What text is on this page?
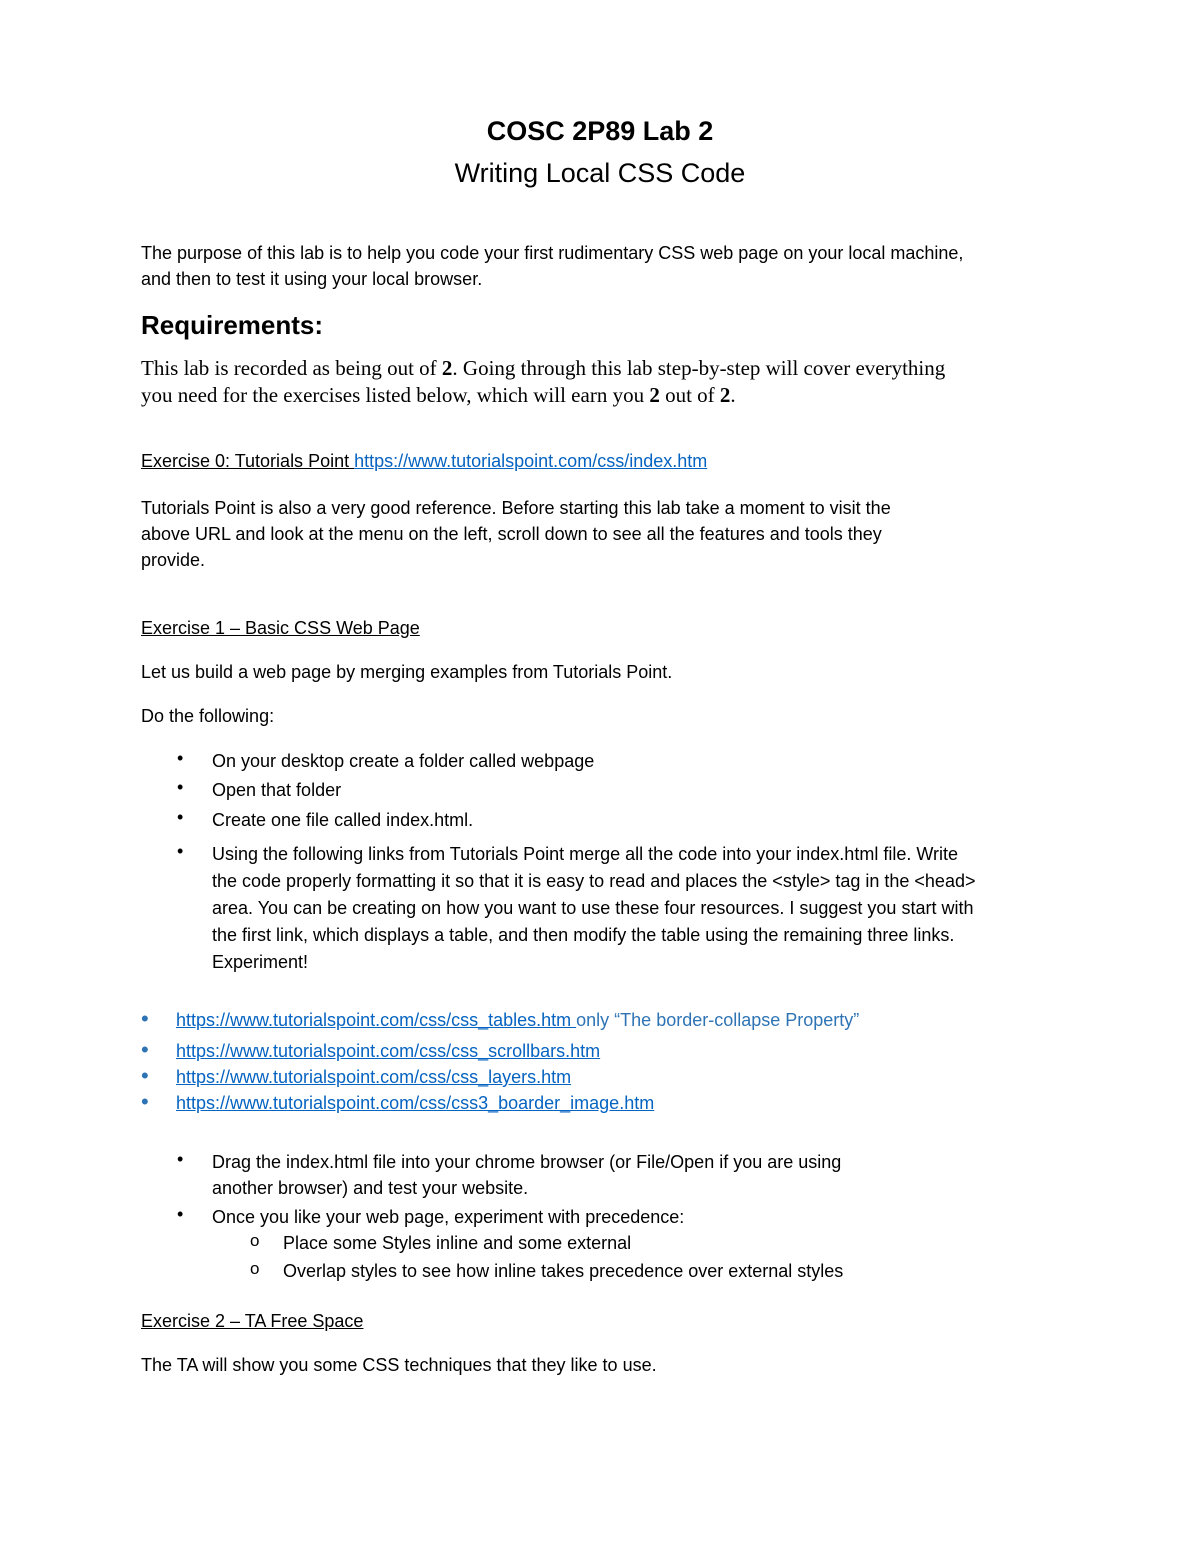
COSC 2P89 Lab 2
Writing Local CSS Code
The purpose of this lab is to help you code your first rudimentary CSS web page on your local machine,
and then to test it using your local browser.
Requirements:
This lab is recorded as being out of 2. Going through this lab step-by-step will cover everything
you need for the exercises listed below, which will earn you 2 out of 2.
Exercise 0: Tutorials Point https://www.tutorialspoint.com/css/index.htm
Tutorials Point is also a very good reference. Before starting this lab take a moment to visit the
above URL and look at the menu on the left, scroll down to see all the features and tools they
provide.
Exercise 1 – Basic CSS Web Page
Let us build a web page by merging examples from Tutorials Point.
Do the following:
• On your desktop create a folder called webpage
• Open that folder
• Create one file called index.html.
• Using the following links from Tutorials Point merge all the code into your index.html file. Write
the code properly formatting it so that it is easy to read and places the <style> tag in the <head>
area. You can be creating on how you want to use these four resources. I suggest you start with
the first link, which displays a table, and then modify the table using the remaining three links.
Experiment!
• https://www.tutorialspoint.com/css/css_tables.htm only “The border-collapse Property”
• https://www.tutorialspoint.com/css/css_scrollbars.htm
• https://www.tutorialspoint.com/css/css_layers.htm
• https://www.tutorialspoint.com/css/css3_boarder_image.htm
• Drag the index.html file into your chrome browser (or File/Open if you are using
another browser) and test your website.
• Once you like your web page, experiment with precedence:
o Place some Styles inline and some external
o Overlap styles to see how inline takes precedence over external styles
Exercise 2 – TA Free Space
The TA will show you some CSS techniques that they like to use.
